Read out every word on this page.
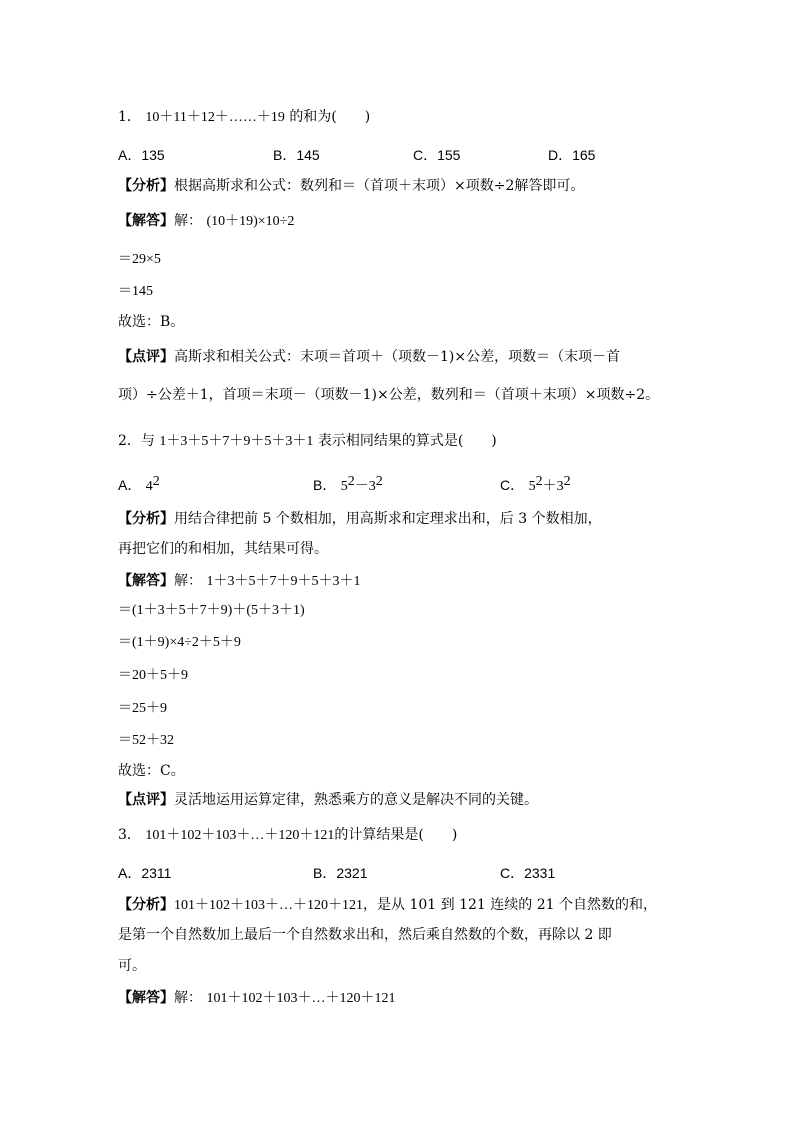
1． 10＋11＋12＋……＋19 的和为(　　)
A．135	B．145	C．155	D．165
【分析】根据高斯求和公式：数列和＝（首项＋末项）×项数÷2解答即可。
【解答】解： (10＋19)×10÷2
＝29×5
＝145
故选：B。
【点评】高斯求和相关公式：末项＝首项＋（项数－1)×公差，项数＝（末项－首
项）÷公差＋1，首项＝末项－（项数－1)×公差，数列和＝（首项＋末项）×项数÷2。
2．与 1＋3＋5＋7＋9＋5＋3＋1 表示相同结果的算式是(　　)
A． $4^2$	B． $5^2-3^2$	C． $5^2+3^2$
【分析】用结合律把前 5 个数相加，用高斯求和定理求出和，后 3 个数相加，
再把它们的和相加，其结果可得。
【解答】解： 1＋3＋5＋7＋9＋5＋3＋1
＝(1＋3＋5＋7＋9)＋(5＋3＋1)
＝(1＋9)×4÷2＋5＋9
＝20＋5＋9
＝25＋9
＝52＋32
故选：C。
【点评】灵活地运用运算定律，熟悉乘方的意义是解决不同的关键。
3． 101＋102＋103＋…＋120＋121的计算结果是(　　)
A．2311	B．2321	C．2331
【分析】101＋102＋103＋…＋120＋121，是从 101 到 121 连续的 21 个自然数的和，
是第一个自然数加上最后一个自然数求出和，然后乘自然数的个数，再除以 2 即
可。
【解答】解： 101＋102＋103＋…＋120＋121
